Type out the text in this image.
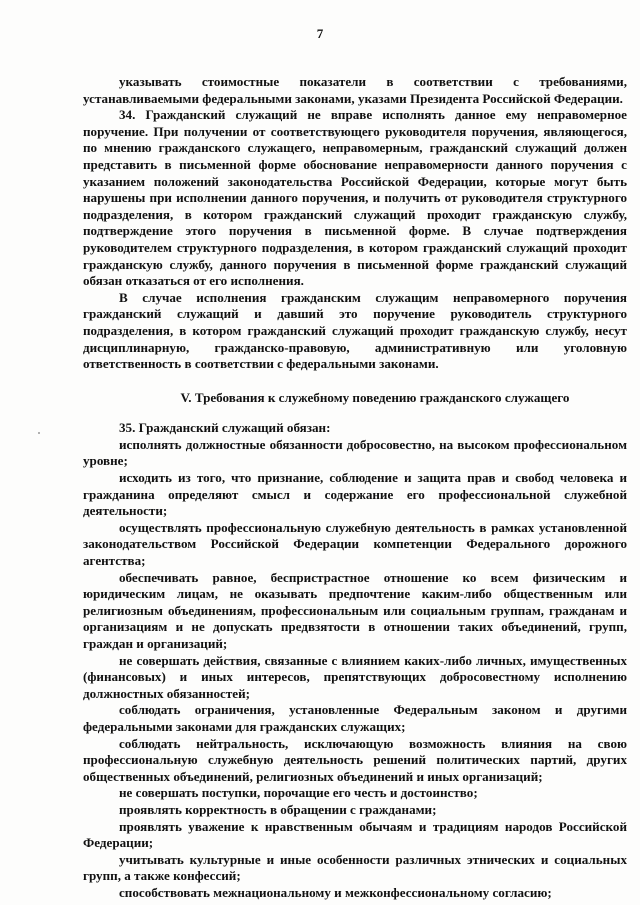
7
указывать стоимостные показатели в соответствии с требованиями,
устанавливаемыми федеральными законами, указами Президента Российской Федерации.
34. Гражданский служащий не вправе исполнять данное ему неправомерное
поручение. При получении от соответствующего руководителя поручения, являющегося,
по мнению гражданского служащего, неправомерным, гражданский служащий должен
представить в письменной форме обоснование неправомерности данного поручения с
указанием положений законодательства Российской Федерации, которые могут быть
нарушены при исполнении данного поручения, и получить от руководителя структурного
подразделения, в котором гражданский служащий проходит гражданскую службу,
подтверждение этого поручения в письменной форме. В случае подтверждения
руководителем структурного подразделения, в котором гражданский служащий проходит
гражданскую службу, данного поручения в письменной форме гражданский служащий
обязан отказаться от его исполнения.
В случае исполнения гражданским служащим неправомерного поручения
гражданский служащий и давший это поручение руководитель структурного
подразделения, в котором гражданский служащий проходит гражданскую службу, несут
дисциплинарную, гражданско-правовую, административную или уголовную
ответственность в соответствии с федеральными законами.
V. Требования к служебному поведению гражданского служащего
35. Гражданский служащий обязан:
исполнять должностные обязанности добросовестно, на высоком профессиональном
уровне;
исходить из того, что признание, соблюдение и защита прав и свобод человека и
гражданина определяют смысл и содержание его профессиональной служебной
деятельности;
осуществлять профессиональную служебную деятельность в рамках установленной
законодательством Российской Федерации компетенции Федерального дорожного
агентства;
обеспечивать равное, беспристрастное отношение ко всем физическим и
юридическим лицам, не оказывать предпочтение каким-либо общественным или
религиозным объединениям, профессиональным или социальным группам, гражданам и
организациям и не допускать предвзятости в отношении таких объединений, групп,
граждан и организаций;
не совершать действия, связанные с влиянием каких-либо личных, имущественных
(финансовых) и иных интересов, препятствующих добросовестному исполнению
должностных обязанностей;
соблюдать ограничения, установленные Федеральным законом и другими
федеральными законами для гражданских служащих;
соблюдать нейтральность, исключающую возможность влияния на свою
профессиональную служебную деятельность решений политических партий, других
общественных объединений, религиозных объединений и иных организаций;
не совершать поступки, порочащие его честь и достоинство;
проявлять корректность в обращении с гражданами;
проявлять уважение к нравственным обычаям и традициям народов Российской
Федерации;
учитывать культурные и иные особенности различных этнических и социальных
групп, а также конфессий;
способствовать межнациональному и межконфессиональному согласию;
